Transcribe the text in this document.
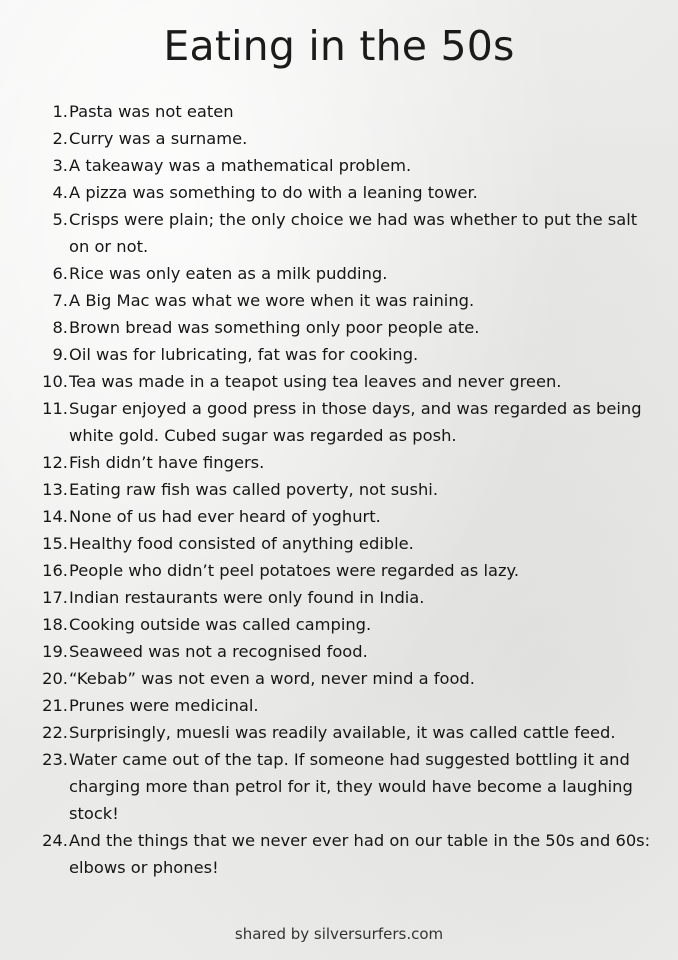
Eating in the 50s
1. Pasta was not eaten
2. Curry was a surname.
3. A takeaway was a mathematical problem.
4. A pizza was something to do with a leaning tower.
5. Crisps were plain; the only choice we had was whether to put the salt on or not.
6. Rice was only eaten as a milk pudding.
7. A Big Mac was what we wore when it was raining.
8. Brown bread was something only poor people ate.
9. Oil was for lubricating, fat was for cooking.
10. Tea was made in a teapot using tea leaves and never green.
11. Sugar enjoyed a good press in those days, and was regarded as being white gold. Cubed sugar was regarded as posh.
12. Fish didn’t have fingers.
13. Eating raw fish was called poverty, not sushi.
14. None of us had ever heard of yoghurt.
15. Healthy food consisted of anything edible.
16. People who didn’t peel potatoes were regarded as lazy.
17. Indian restaurants were only found in India.
18. Cooking outside was called camping.
19. Seaweed was not a recognised food.
20. “Kebab” was not even a word, never mind a food.
21. Prunes were medicinal.
22. Surprisingly, muesli was readily available, it was called cattle feed.
23. Water came out of the tap. If someone had suggested bottling it and charging more than petrol for it, they would have become a laughing stock!
24. And the things that we never ever had on our table in the 50s and 60s: elbows or phones!
shared by silversurfers.com
